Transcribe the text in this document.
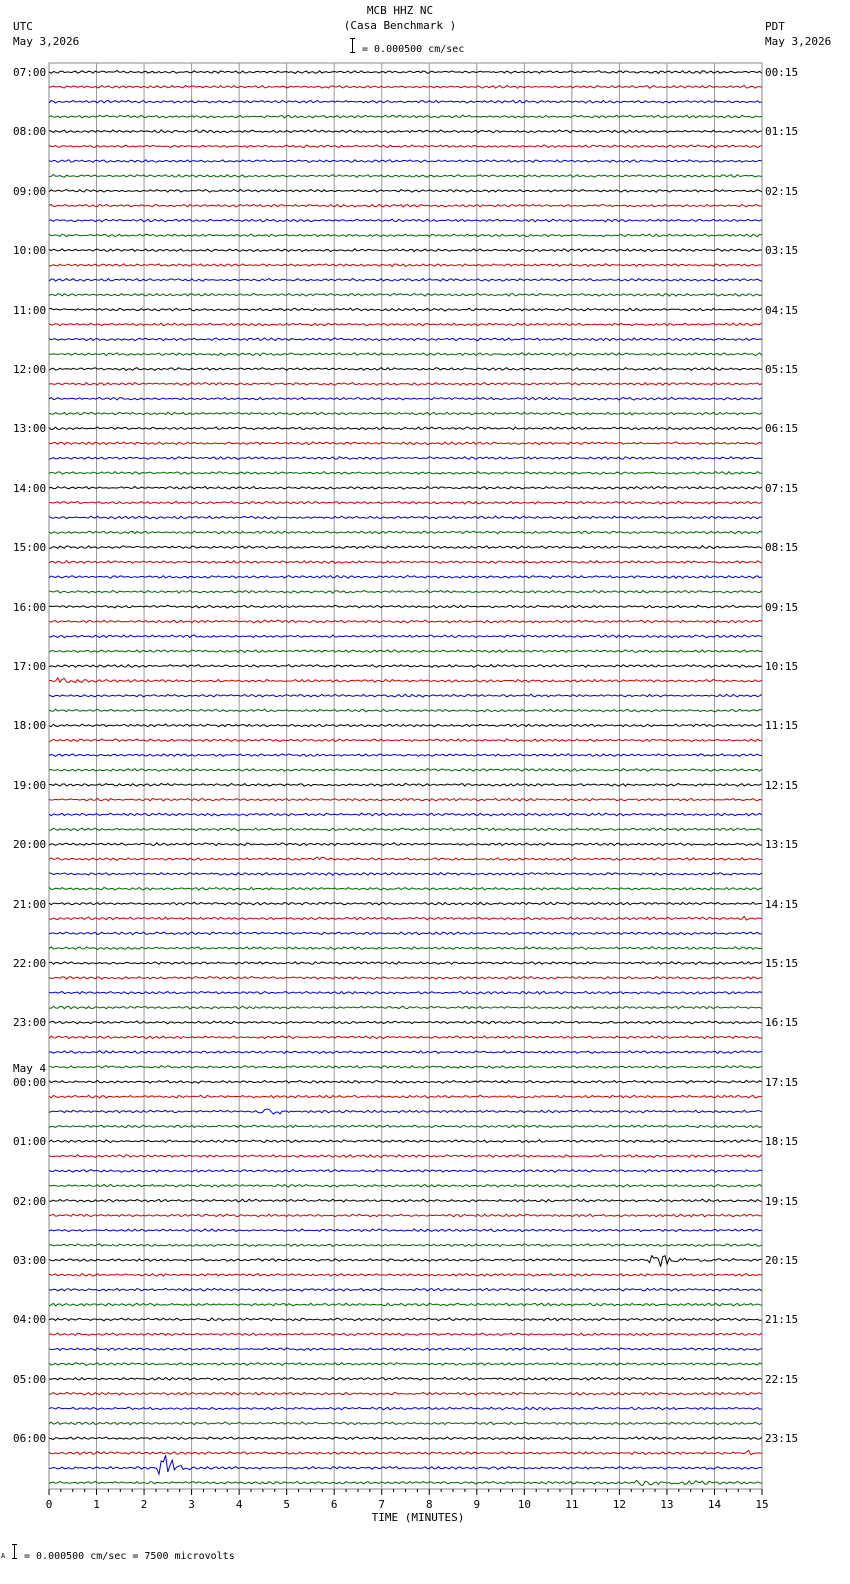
MCB HHZ NC
(Casa Benchmark )
= 0.000500 cm/sec
UTC
May 3,2026
PDT
May 3,2026
07:00
08:00
09:00
10:00
11:00
12:00
13:00
14:00
15:00
16:00
17:00
18:00
19:00
20:00
21:00
22:00
23:00
00:00
May 4
01:00
02:00
03:00
04:00
05:00
06:00
00:15
01:15
02:15
03:15
04:15
05:15
06:15
07:15
08:15
09:15
10:15
11:15
12:15
13:15
14:15
15:15
16:15
17:15
18:15
19:15
20:15
21:15
22:15
23:15
0	1	2	3	4	5	6	7	8	9	10	11	12	13	14	15
TIME (MINUTES)
A = 0.000500 cm/sec = 7500 microvolts
